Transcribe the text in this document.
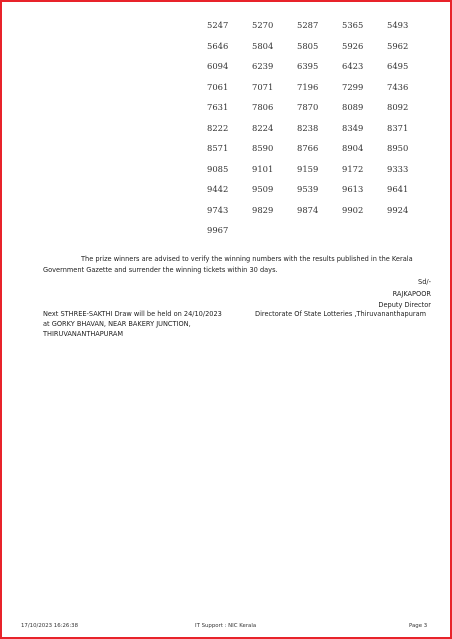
5247	5270	5287	5365	5493
5646	5804	5805	5926	5962
6094	6239	6395	6423	6495
7061	7071	7196	7299	7436
7631	7806	7870	8089	8092
8222	8224	8238	8349	8371
8571	8590	8766	8904	8950
9085	9101	9159	9172	9333
9442	9509	9539	9613	9641
9743	9829	9874	9902	9924
9967
The prize winners are advised to verify the winning numbers with the results published in the Kerala Government Gazette and surrender the winning tickets within 30 days.
Sd/-
RAJKAPOOR
Deputy Director
Next STHREE-SAKTHI Draw will be held on 24/10/2023
at GORKY BHAVAN, NEAR BAKERY JUNCTION,
THIRUVANANTHAPURAM
Directorate Of State Lotteries ,Thiruvananthapuram
17/10/2023 16:26:38	IT Support : NIC Kerala	Page 3
